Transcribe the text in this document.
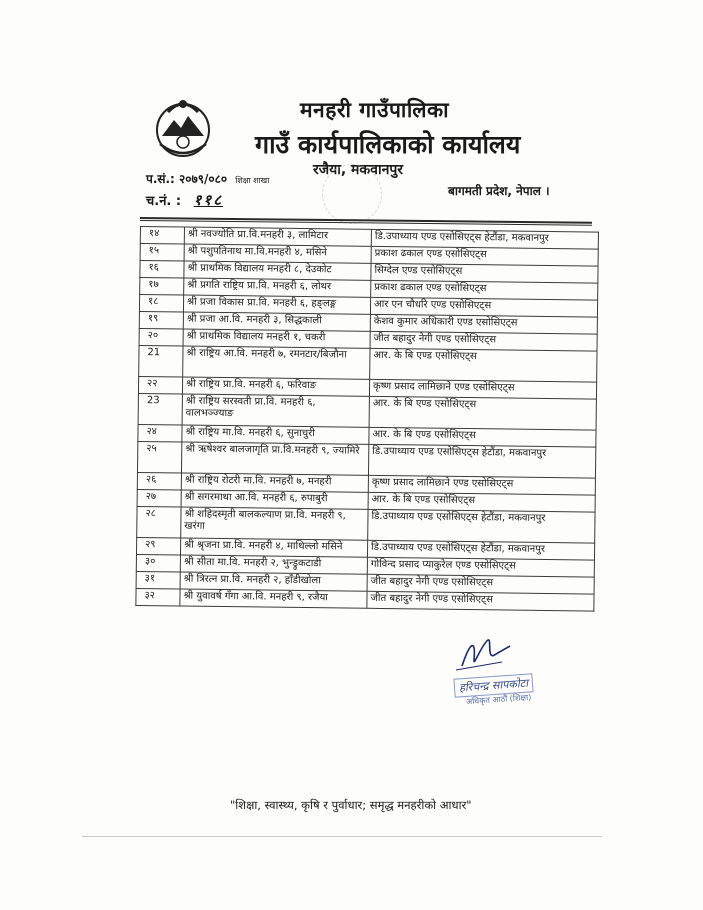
मनहरी गाउँपालिका
गाउँ कार्यपालिकाको कार्यालय
रजैया, मकवानपुर

प.सं.: २०७९/०८० शिक्षा शाखा
च.नं. : ११८	बागमती प्रदेश, नेपाल ।
१४	श्री नवज्योति प्रा.वि.मनहरी ३, लामिटार	डि.उपाध्याय एण्ड एसोसिएट्स हेटौंडा, मकवानपुर
१५	श्री पशुपतिनाथ मा.वि.मनहरी ४, मसिने	प्रकाश ढकाल एण्ड एसोसिएट्स
१६	श्री प्राथमिक विद्यालय मनहरी ८, देउकोट	सिग्देल एण्ड एसोसिएट्स
१७	श्री प्रगति राष्ट्रिय प्रा.वि. मनहरी ६, लोथर	प्रकाश ढकाल एण्ड एसोसिएट्स
१८	श्री प्रजा विकास प्रा.वि. मनहरी ६, हङ्लङ्ग	आर एन चौधरि एण्ड एसोसिएट्स
१९	श्री प्रजा आ.वि. मनहरी ३, सिद्धकाली	केशव कुमार अधिकारी एण्ड एसोसिएट्स
२०	श्री प्राथमिक विद्यालय मनहरी १, चकरी	जीत बहादुर नेगी एण्ड एसोसिएट्स
21	श्री राष्ट्रिय आ.वि. मनहरी ७, रमनटार/बिजौना	आर. के बि एण्ड एसोसिएट्स
२२	श्री राष्ट्रिय प्रा.वि. मनहरी ६, फरिवाङ	कृष्ण प्रसाद लामिछाने एण्ड एसोसिएट्स
23	श्री राष्ट्रिय सरस्वती प्रा.वि. मनहरी ६, वालभञ्ज्याङ	आर. के बि एण्ड एसोसिएट्स
२४	श्री राष्ट्रिय मा.वि. मनहरी ६, सुनाचुरी	आर. के बि एण्ड एसोसिएट्स
२५	श्री ऋषेश्वर बालजागृति प्रा.वि.मनहरी ९, ज्यामिरे	डि.उपाध्याय एण्ड एसोसिएट्स हेटौंडा, मकवानपुर
२६	श्री राष्ट्रिय रोटरी मा.वि. मनहरी ७, मनहरी	कृष्ण प्रसाद लामिछाने एण्ड एसोसिएट्स
२७	श्री सगरमाथा आ.वि. मनहरी ६, रुपाबुरी	आर. के बि एण्ड एसोसिएट्स
२८	श्री शहिदस्मृती बालकल्याण प्रा.वि. मनहरी ९, खरंगा	डि.उपाध्याय एण्ड एसोसिएट्स हेटौंडा, मकवानपुर
२९	श्री श्रृजना प्रा.वि. मनहरी ४, माथिल्लो मसिने	डि.उपाध्याय एण्ड एसोसिएट्स हेटौंडा, मकवानपुर
३०	श्री सीता मा.वि. मनहरी २, भुन्ड्रुकटाडी	गोविन्द प्रसाद प्याकुरेल एण्ड एसोसिएट्स
३१	श्री त्रिरत्न प्रा.वि. मनहरी २, हाँडीखोला	जीत बहादुर नेगी एण्ड एसोसिएट्स
३२	श्री युवावर्ष गँगा आ.वि. मनहरी ९, रजैया	जीत बहादुर नेगी एण्ड एसोसिएट्स
हरिचन्द्र सापकोटा
अधिकृत आठौं (शिक्षा)
"शिक्षा, स्वास्थ्य, कृषि र पुर्वाधार; समृद्ध मनहरीको आधार"
